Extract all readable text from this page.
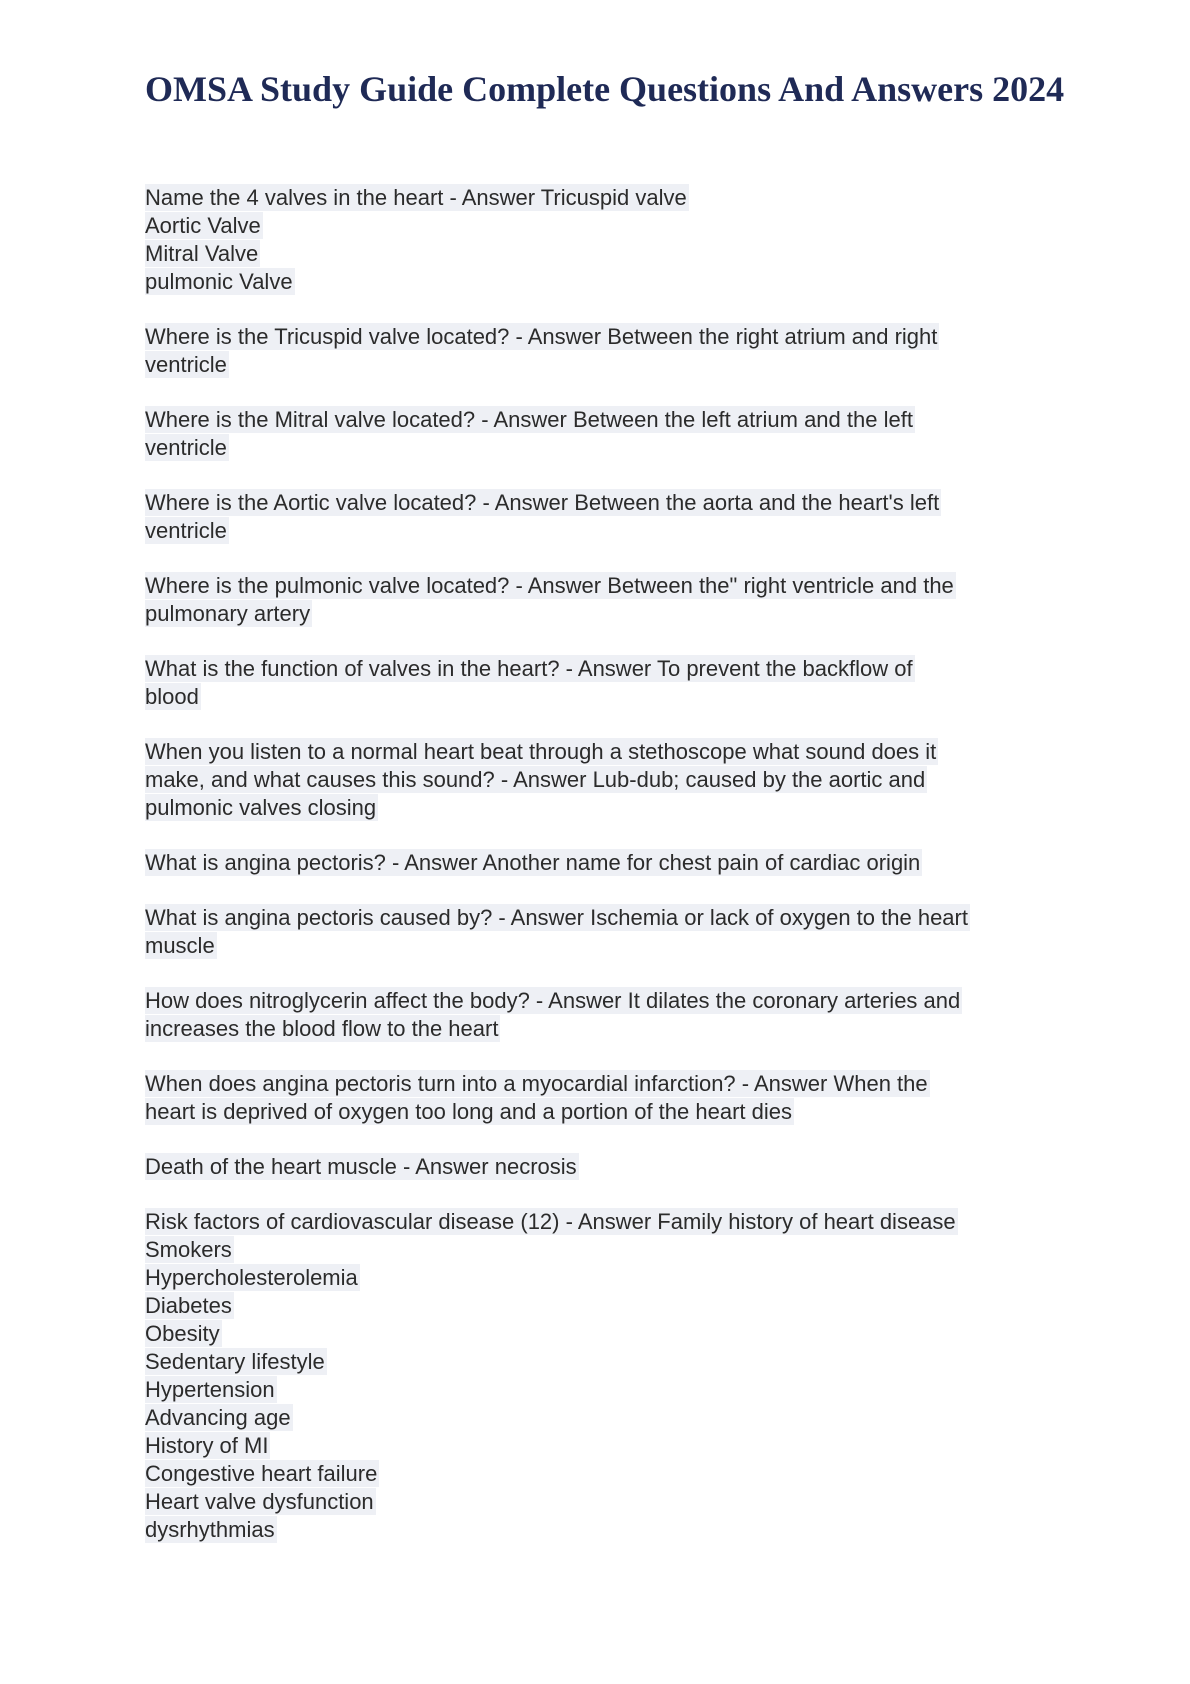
OMSA Study Guide Complete Questions And Answers 2024
Name the 4 valves in the heart - Answer Tricuspid valve
Aortic Valve
Mitral Valve
pulmonic Valve
Where is the Tricuspid valve located? - Answer Between the right atrium and right
ventricle
Where is the Mitral valve located? - Answer Between the left atrium and the left
ventricle
Where is the Aortic valve located? - Answer Between the aorta and the heart's left
ventricle
Where is the pulmonic valve located? - Answer Between the" right ventricle and the
pulmonary artery
What is the function of valves in the heart? - Answer To prevent the backflow of
blood
When you listen to a normal heart beat through a stethoscope what sound does it
make, and what causes this sound? - Answer Lub-dub; caused by the aortic and
pulmonic valves closing
What is angina pectoris? - Answer Another name for chest pain of cardiac origin
What is angina pectoris caused by? - Answer Ischemia or lack of oxygen to the heart
muscle
How does nitroglycerin affect the body? - Answer It dilates the coronary arteries and
increases the blood flow to the heart
When does angina pectoris turn into a myocardial infarction? - Answer When the
heart is deprived of oxygen too long and a portion of the heart dies
Death of the heart muscle - Answer necrosis
Risk factors of cardiovascular disease (12) - Answer Family history of heart disease
Smokers
Hypercholesterolemia
Diabetes
Obesity
Sedentary lifestyle
Hypertension
Advancing age
History of MI
Congestive heart failure
Heart valve dysfunction
dysrhythmias
